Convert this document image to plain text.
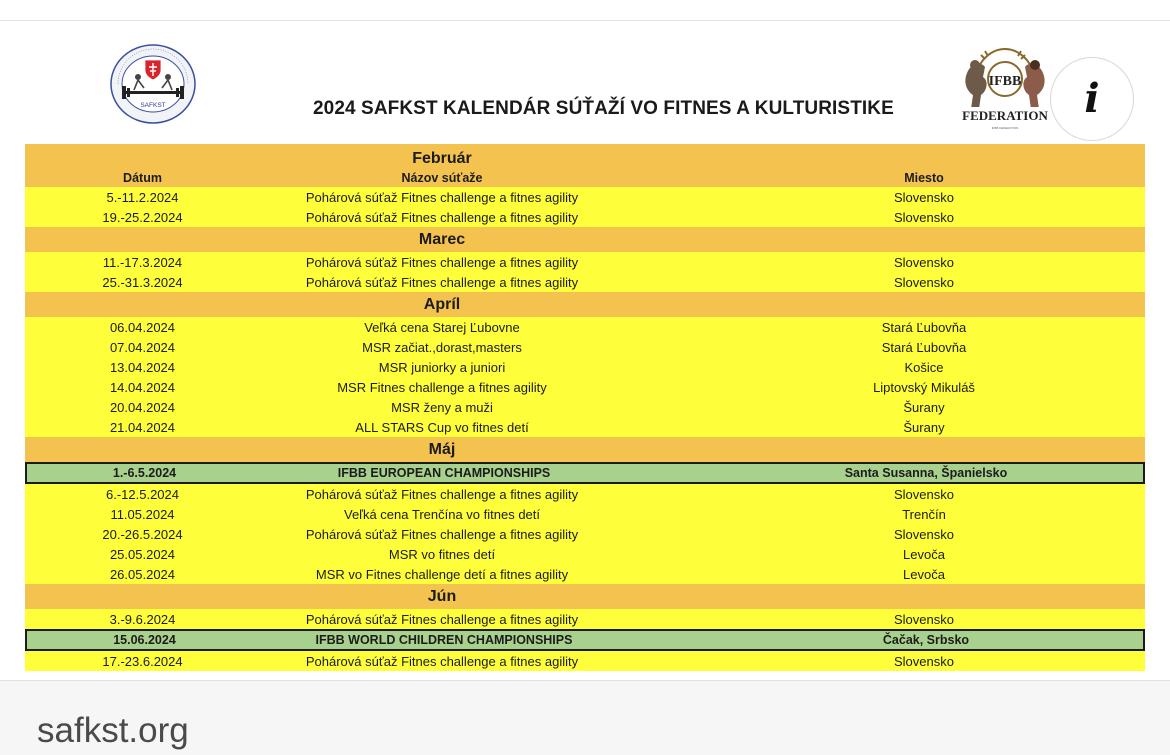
SAFKST	2024 SAFKST KALENDÁR SÚŤAŽÍ VO FITNES A KULTURISTIKE
IFBB
FEDERATION
IFBB FEDERATION
i
Február
Dátum	Názov súťaže	Miesto
5.-11.2.2024	Pohárová súťaž Fitnes challenge a fitnes agility	Slovensko
19.-25.2.2024	Pohárová súťaž Fitnes challenge a fitnes agility	Slovensko
Marec
11.-17.3.2024	Pohárová súťaž Fitnes challenge a fitnes agility	Slovensko
25.-31.3.2024	Pohárová súťaž Fitnes challenge a fitnes agility	Slovensko
Apríl
06.04.2024	Veľká cena Starej Ľubovne	Stará Ľubovňa
07.04.2024	MSR začiat.,dorast,masters	Stará Ľubovňa
13.04.2024	MSR juniorky a juniori	Košice
14.04.2024	MSR Fitnes challenge a fitnes agility	Liptovský Mikuláš
20.04.2024	MSR ženy a muži	Šurany
21.04.2024	ALL STARS Cup vo fitnes detí	Šurany
Máj
1.-6.5.2024	IFBB EUROPEAN CHAMPIONSHIPS	Santa Susanna, Španielsko
6.-12.5.2024	Pohárová súťaž Fitnes challenge a fitnes agility	Slovensko
11.05.2024	Veľká cena Trenčína vo fitnes detí	Trenčín
20.-26.5.2024	Pohárová súťaž Fitnes challenge a fitnes agility	Slovensko
25.05.2024	MSR vo fitnes detí	Levoča
26.05.2024	MSR vo Fitnes challenge detí a fitnes agility	Levoča
Jún
3.-9.6.2024	Pohárová súťaž Fitnes challenge a fitnes agility	Slovensko
15.06.2024	IFBB WORLD CHILDREN CHAMPIONSHIPS	Čačak, Srbsko
17.-23.6.2024	Pohárová súťaž Fitnes challenge a fitnes agility	Slovensko
safkst.org
